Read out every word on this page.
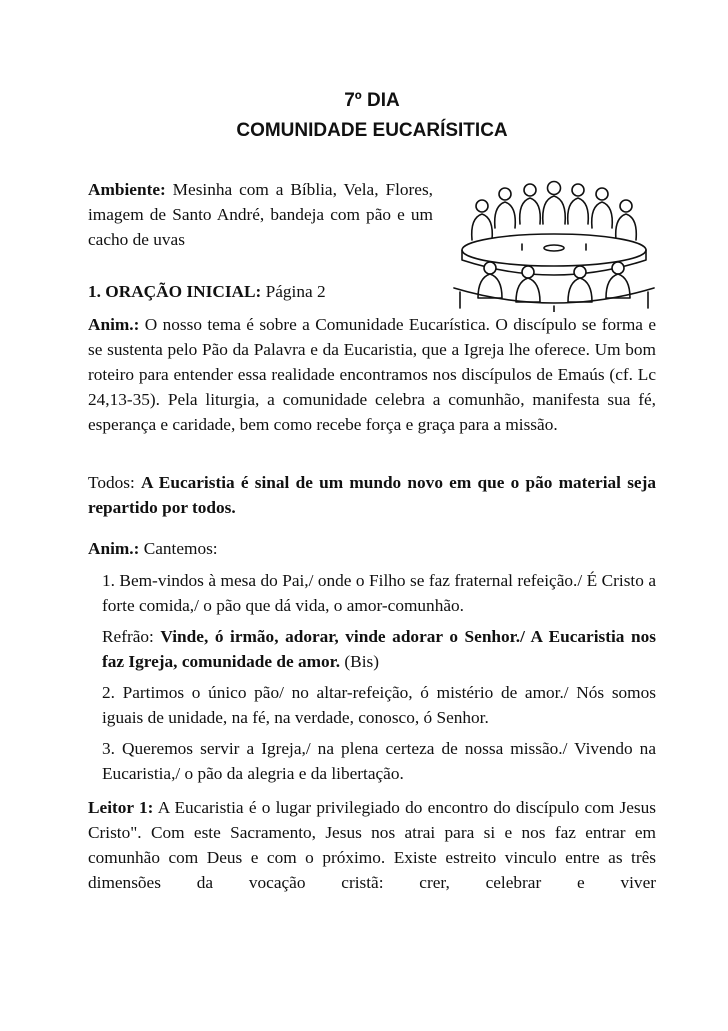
7º DIA
COMUNIDADE EUCARÍSITICA

Ambiente: Mesinha com a Bíblia, Vela, Flores, imagem de Santo André, bandeja com pão e um cacho de uvas

1. ORAÇÃO INICIAL: Página 2

Anim.: O nosso tema é sobre a Comunidade Eucarística. O discípulo se forma e se sustenta pelo Pão da Palavra e da Eucaristia, que a Igreja lhe oferece. Um bom roteiro para entender essa realidade encontramos nos discípulos de Emaús (cf. Lc 24,13-35). Pela liturgia, a comunidade celebra a comunhão, manifesta sua fé, esperança e caridade, bem como recebe força e graça para a missão.

Todos: A Eucaristia é sinal de um mundo novo em que o pão material seja repartido por todos.

Anim.: Cantemos:

1. Bem-vindos à mesa do Pai,/ onde o Filho se faz fraternal refeição./ É Cristo a forte comida,/ o pão que dá vida, o amor-comunhão.

Refrão: Vinde, ó irmão, adorar, vinde adorar o Senhor./ A Eucaristia nos faz Igreja, comunidade de amor. (Bis)

2. Partimos o único pão/ no altar-refeição, ó mistério de amor./ Nós somos iguais de unidade, na fé, na verdade, conosco, ó Senhor.

3. Queremos servir a Igreja,/ na plena certeza de nossa missão./ Vivendo na Eucaristia,/ o pão da alegria e da libertação.

Leitor 1: A Eucaristia é o lugar privilegiado do encontro do discípulo com Jesus Cristo". Com este Sacramento, Jesus nos atrai para si e nos faz entrar em comunhão com Deus e com o próximo. Existe estreito vinculo entre as três dimensões da vocação cristã: crer, celebrar e viver
